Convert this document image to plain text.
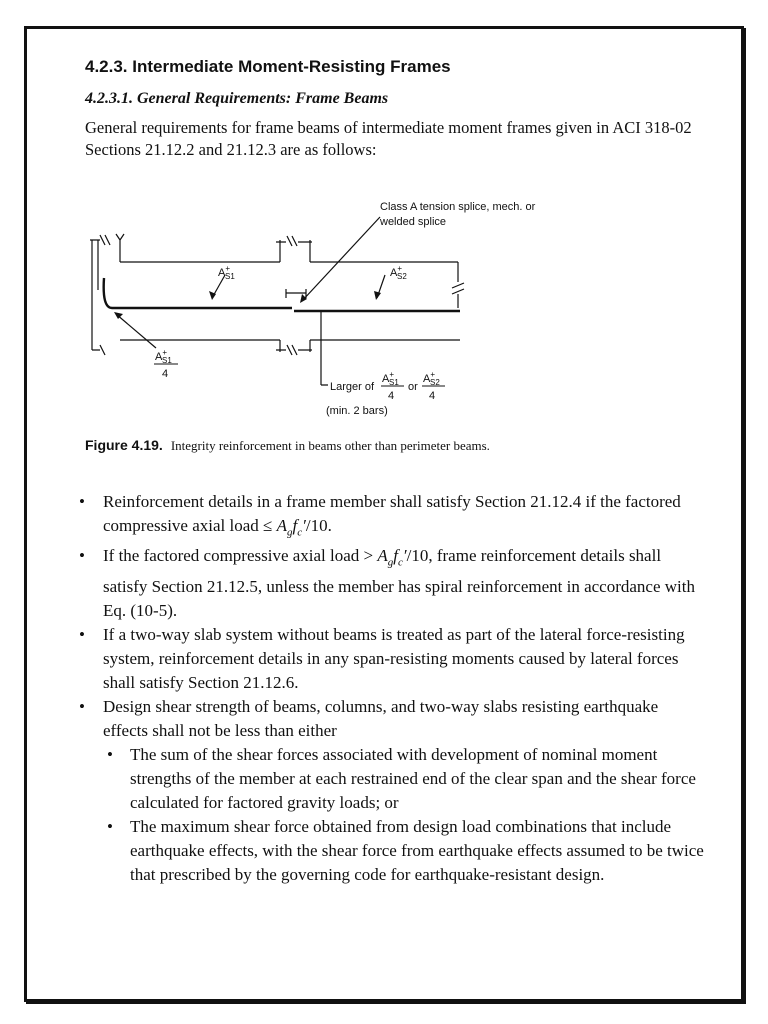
4.2.3. Intermediate Moment-Resisting Frames
4.2.3.1. General Requirements: Frame Beams
General requirements for frame beams of intermediate moment frames given in ACI 318-02 Sections 21.12.2 and 21.12.3 are as follows:
Class A tension splice, mech. or
welded splice
A+ S1	A+ S2
A+ S1
4
Larger of
A+ S1
4
or
A+ S2
4
(min. 2 bars)
Figure 4.19. Integrity reinforcement in beams other than perimeter beams.
• Reinforcement details in a frame member shall satisfy Section 21.12.4 if the factored compressive axial load ≤ $A_gf_c'/10$.
• If the factored compressive axial load > $A_gf_c'/10$, frame reinforcement details shall satisfy Section 21.12.5, unless the member has spiral reinforcement in accordance with Eq. (10-5).
• If a two-way slab system without beams is treated as part of the lateral force-resisting system, reinforcement details in any span-resisting moments caused by lateral forces shall satisfy Section 21.12.6.
• Design shear strength of beams, columns, and two-way slabs resisting earthquake effects shall not be less than either
• The sum of the shear forces associated with development of nominal moment strengths of the member at each restrained end of the clear span and the shear force calculated for factored gravity loads; or
• The maximum shear force obtained from design load combinations that include earthquake effects, with the shear force from earthquake effects assumed to be twice that prescribed by the governing code for earthquake-resistant design.
